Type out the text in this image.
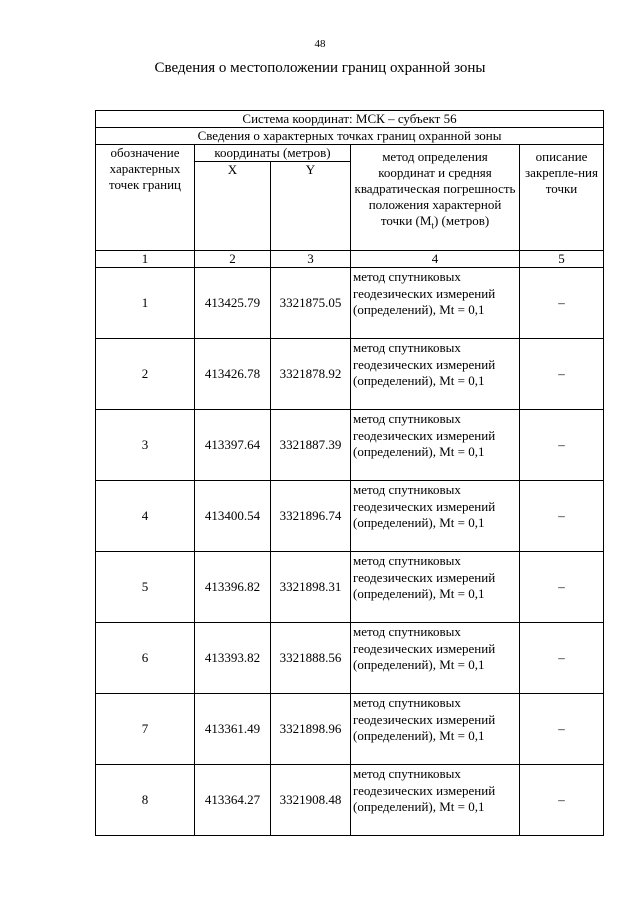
48
Сведения о местоположении границ охранной зоны
Система координат: МСК – субъект 56				
Сведения о характерных точках границ охранной зоны				
обозначение характерных точек границ	координаты (метров)		метод определения координат и средняя квадратическая погрешность положения характерной точки $(M_t)$ (метров)	описание закрепле-ния точки
	X	Y		
1	2	3	4	5
1	413425.79	3321875.05	метод спутниковых геодезических измерений (определений), Mt = 0,1	–
2	413426.78	3321878.92	метод спутниковых геодезических измерений (определений), Mt = 0,1	–
3	413397.64	3321887.39	метод спутниковых геодезических измерений (определений), Mt = 0,1	–
4	413400.54	3321896.74	метод спутниковых геодезических измерений (определений), Mt = 0,1	–
5	413396.82	3321898.31	метод спутниковых геодезических измерений (определений), Mt = 0,1	–
6	413393.82	3321888.56	метод спутниковых геодезических измерений (определений), Mt = 0,1	–
7	413361.49	3321898.96	метод спутниковых геодезических измерений (определений), Mt = 0,1	–
8	413364.27	3321908.48	метод спутниковых геодезических измерений (определений), Mt = 0,1	–
